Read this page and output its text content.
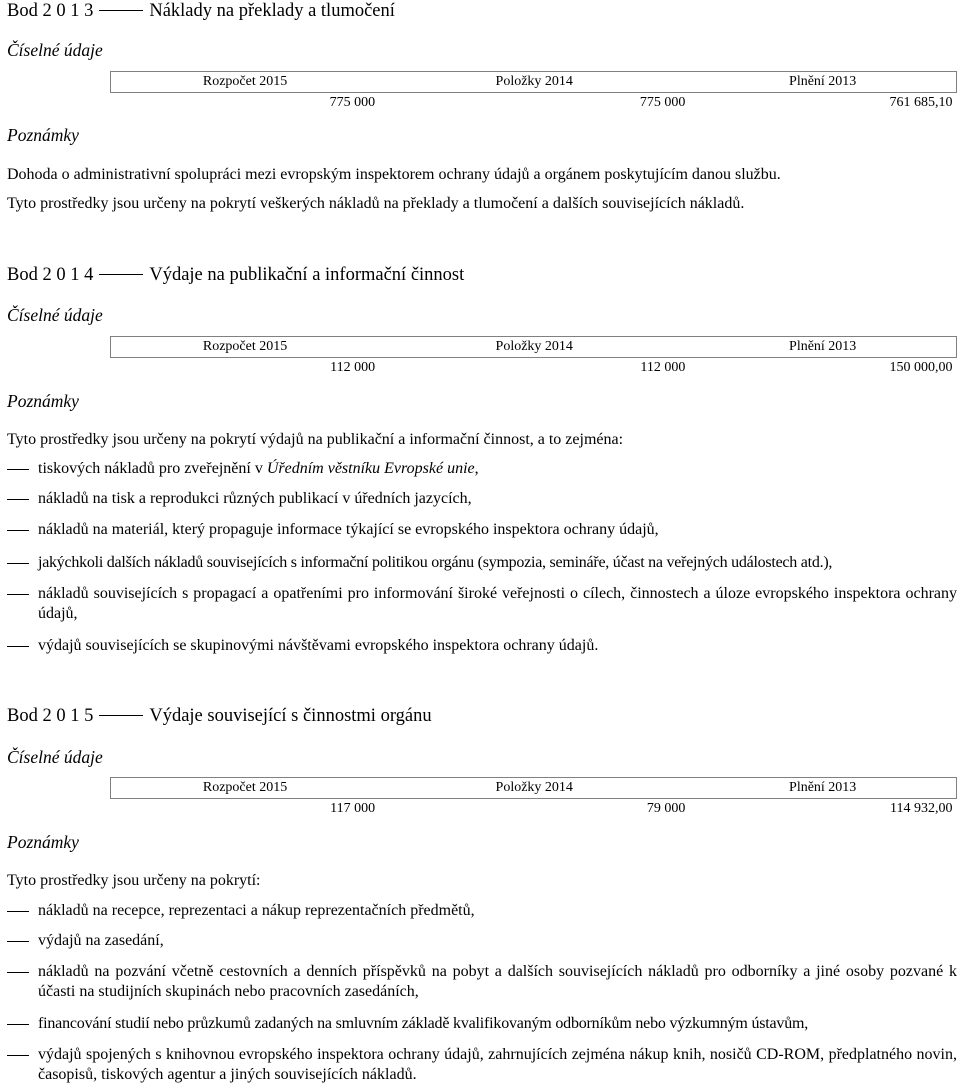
Bod 2 0 1 3	Náklady na překlady a tlumočení
Číselné údaje
Rozpočet 2015	Položky 2014	Plnění 2013
775 000	775 000	761 685,10
Poznámky
Dohoda o administrativní spolupráci mezi evropským inspektorem ochrany údajů a orgánem poskytujícím danou službu.
Tyto prostředky jsou určeny na pokrytí veškerých nákladů na překlady a tlumočení a dalších souvisejících nákladů.
Bod 2 0 1 4	Výdaje na publikační a informační činnost
Číselné údaje
Rozpočet 2015	Položky 2014	Plnění 2013
112 000	112 000	150 000,00
Poznámky
Tyto prostředky jsou určeny na pokrytí výdajů na publikační a informační činnost, a to zejména:
tiskových nákladů pro zveřejnění v Úředním věstníku Evropské unie,
nákladů na tisk a reprodukci různých publikací v úředních jazycích,
nákladů na materiál, který propaguje informace týkající se evropského inspektora ochrany údajů,
jakýchkoli dalších nákladů souvisejících s informační politikou orgánu (sympozia, semináře, účast na veřejných událostech atd.),
nákladů souvisejících s propagací a opatřeními pro informování široké veřejnosti o cílech, činnostech a úloze evropského inspektora ochrany údajů,
výdajů souvisejících se skupinovými návštěvami evropského inspektora ochrany údajů.
Bod 2 0 1 5	Výdaje související s činnostmi orgánu
Číselné údaje
Rozpočet 2015	Položky 2014	Plnění 2013
117 000	79 000	114 932,00
Poznámky
Tyto prostředky jsou určeny na pokrytí:
nákladů na recepce, reprezentaci a nákup reprezentačních předmětů,
výdajů na zasedání,
nákladů na pozvání včetně cestovních a denních příspěvků na pobyt a dalších souvisejících nákladů pro odborníky a jiné osoby pozvané k účasti na studijních skupinách nebo pracovních zasedáních,
financování studií nebo průzkumů zadaných na smluvním základě kvalifikovaným odborníkům nebo výzkumným ústavům,
výdajů spojených s knihovnou evropského inspektora ochrany údajů, zahrnujících zejména nákup knih, nosičů CD-ROM, předplatného novin, časopisů, tiskových agentur a jiných souvisejících nákladů.
